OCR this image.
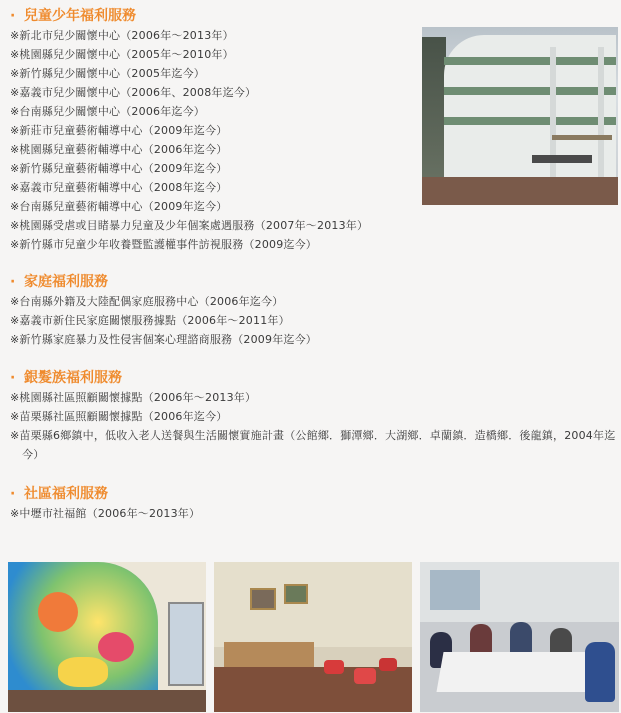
· 兒童少年福利服務
※新北市兒少關懷中心（2006年～2013年）
※桃園縣兒少關懷中心（2005年～2010年）
※新竹縣兒少關懷中心（2005年迄今）
※嘉義市兒少關懷中心（2006年、2008年迄今）
※台南縣兒少關懷中心（2006年迄今）
※新莊市兒童藝術輔導中心（2009年迄今）
※桃園縣兒童藝術輔導中心（2006年迄今）
※新竹縣兒童藝術輔導中心（2009年迄今）
※嘉義市兒童藝術輔導中心（2008年迄今）
※台南縣兒童藝術輔導中心（2009年迄今）
※桃園縣受虐或目睹暴力兒童及少年個案處遇服務（2007年～2013年）
※新竹縣市兒童少年收養暨監護權事件訪視服務（2009迄今）
· 家庭福利服務
※台南縣外籍及大陸配偶家庭服務中心（2006年迄今）
※嘉義市新住民家庭關懷服務據點（2006年～2011年）
※新竹縣家庭暴力及性侵害個案心理諮商服務（2009年迄今）
· 銀髮族福利服務
※桃園縣社區照顧關懷據點（2006年～2013年）
※苗栗縣社區照顧關懷據點（2006年迄今）
※苗栗縣6鄉鎮中，低收入老人送餐與生活關懷實施計畫（公館鄉．獅潭鄉．大湖鄉．卓蘭鎮．造橋鄉．後龍鎮，2004年迄今）
· 社區福利服務
※中壢市社福館（2006年～2013年）
